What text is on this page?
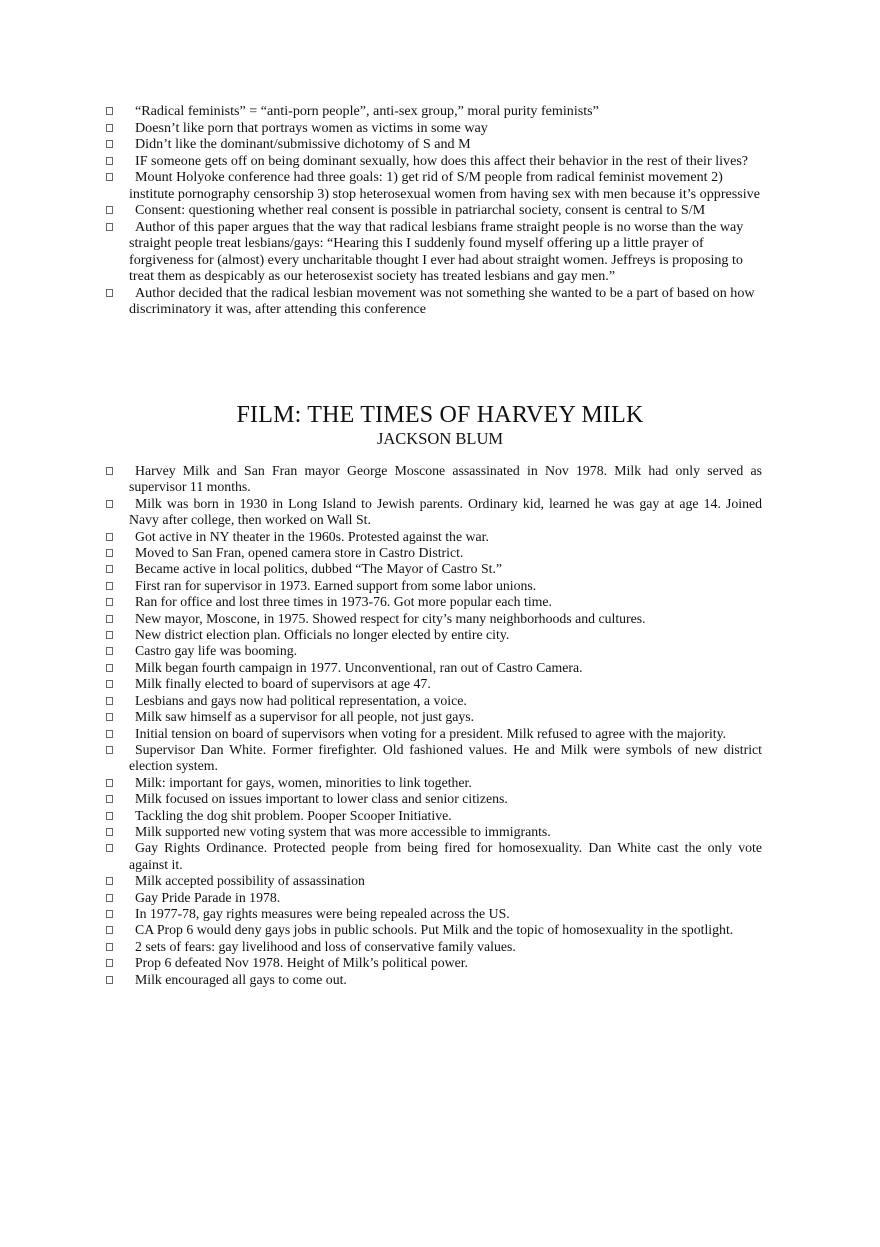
“Radical feminists” = “anti-porn people”, anti-sex group,” moral purity feminists”
Doesn’t like porn that portrays women as victims in some way
Didn’t like the dominant/submissive dichotomy of S and M
IF someone gets off on being dominant sexually, how does this affect their behavior in the rest of their lives?
Mount Holyoke conference had three goals: 1) get rid of S/M people from radical feminist movement 2) institute pornography censorship 3) stop heterosexual women from having sex with men because it’s oppressive
Consent: questioning whether real consent is possible in patriarchal society, consent is central to S/M
Author of this paper argues that the way that radical lesbians frame straight people is no worse than the way straight people treat lesbians/gays: “Hearing this I suddenly found myself offering up a little prayer of forgiveness for (almost) every uncharitable thought I ever had about straight women. Jeffreys is proposing to treat them as despicably as our heterosexist society has treated lesbians and gay men.”
Author decided that the radical lesbian movement was not something she wanted to be a part of based on how discriminatory it was, after attending this conference
FILM: THE TIMES OF HARVEY MILK
JACKSON BLUM
Harvey Milk and San Fran mayor George Moscone assassinated in Nov 1978. Milk had only served as supervisor 11 months.
Milk was born in 1930 in Long Island to Jewish parents. Ordinary kid, learned he was gay at age 14. Joined Navy after college, then worked on Wall St.
Got active in NY theater in the 1960s. Protested against the war.
Moved to San Fran, opened camera store in Castro District.
Became active in local politics, dubbed “The Mayor of Castro St.”
First ran for supervisor in 1973. Earned support from some labor unions.
Ran for office and lost three times in 1973-76. Got more popular each time.
New mayor, Moscone, in 1975. Showed respect for city’s many neighborhoods and cultures.
New district election plan. Officials no longer elected by entire city.
Castro gay life was booming.
Milk began fourth campaign in 1977. Unconventional, ran out of Castro Camera.
Milk finally elected to board of supervisors at age 47.
Lesbians and gays now had political representation, a voice.
Milk saw himself as a supervisor for all people, not just gays.
Initial tension on board of supervisors when voting for a president. Milk refused to agree with the majority.
Supervisor Dan White. Former firefighter. Old fashioned values. He and Milk were symbols of new district election system.
Milk: important for gays, women, minorities to link together.
Milk focused on issues important to lower class and senior citizens.
Tackling the dog shit problem. Pooper Scooper Initiative.
Milk supported new voting system that was more accessible to immigrants.
Gay Rights Ordinance. Protected people from being fired for homosexuality. Dan White cast the only vote against it.
Milk accepted possibility of assassination
Gay Pride Parade in 1978.
In 1977-78, gay rights measures were being repealed across the US.
CA Prop 6 would deny gays jobs in public schools. Put Milk and the topic of homosexuality in the spotlight.
2 sets of fears: gay livelihood and loss of conservative family values.
Prop 6 defeated Nov 1978. Height of Milk’s political power.
Milk encouraged all gays to come out.
